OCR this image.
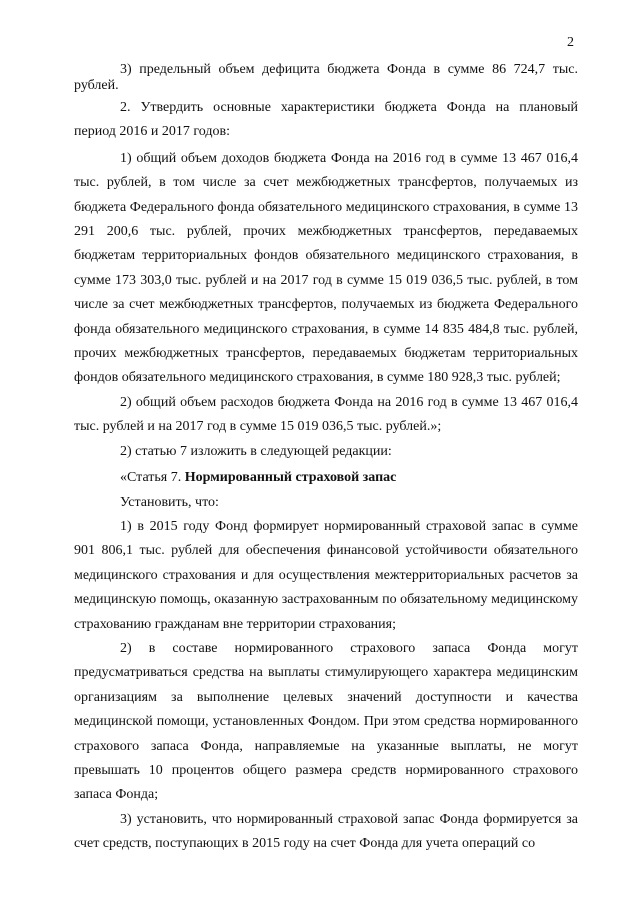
2

3) предельный объем дефицита бюджета Фонда в сумме 86 724,7 тыс. рублей.

2. Утвердить основные характеристики бюджета Фонда на плановый период 2016 и 2017 годов:

1) общий объем доходов бюджета Фонда на 2016 год в сумме 13 467 016,4 тыс. рублей, в том числе за счет межбюджетных трансфертов, получаемых из бюджета Федерального фонда обязательного медицинского страхования, в сумме 13 291 200,6 тыс. рублей, прочих межбюджетных трансфертов, передаваемых бюджетам территориальных фондов обязательного медицинского страхования, в сумме 173 303,0 тыс. рублей и на 2017 год в сумме 15 019 036,5 тыс. рублей, в том числе за счет межбюджетных трансфертов, получаемых из бюджета Федерального фонда обязательного медицинского страхования, в сумме 14 835 484,8 тыс. рублей, прочих межбюджетных трансфертов, передаваемых бюджетам территориальных фондов обязательного медицинского страхования, в сумме 180 928,3 тыс. рублей;

2) общий объем расходов бюджета Фонда на 2016 год в сумме 13 467 016,4 тыс. рублей и на 2017 год в сумме 15 019 036,5 тыс. рублей.»;

2) статью 7 изложить в следующей редакции:

«Статья 7. Нормированный страховой запас

Установить, что:

1) в 2015 году Фонд формирует нормированный страховой запас в сумме 901 806,1 тыс. рублей для обеспечения финансовой устойчивости обязательного медицинского страхования и для осуществления межтерриториальных расчетов за медицинскую помощь, оказанную застрахованным по обязательному медицинскому страхованию гражданам вне территории страхования;

2) в составе нормированного страхового запаса Фонда могут предусматриваться средства на выплаты стимулирующего характера медицинским организациям за выполнение целевых значений доступности и качества медицинской помощи, установленных Фондом. При этом средства нормированного страхового запаса Фонда, направляемые на указанные выплаты, не могут превышать 10 процентов общего размера средств нормированного страхового запаса Фонда;

3) установить, что нормированный страховой запас Фонда формируется за счет средств, поступающих в 2015 году на счет Фонда для учета операций со
